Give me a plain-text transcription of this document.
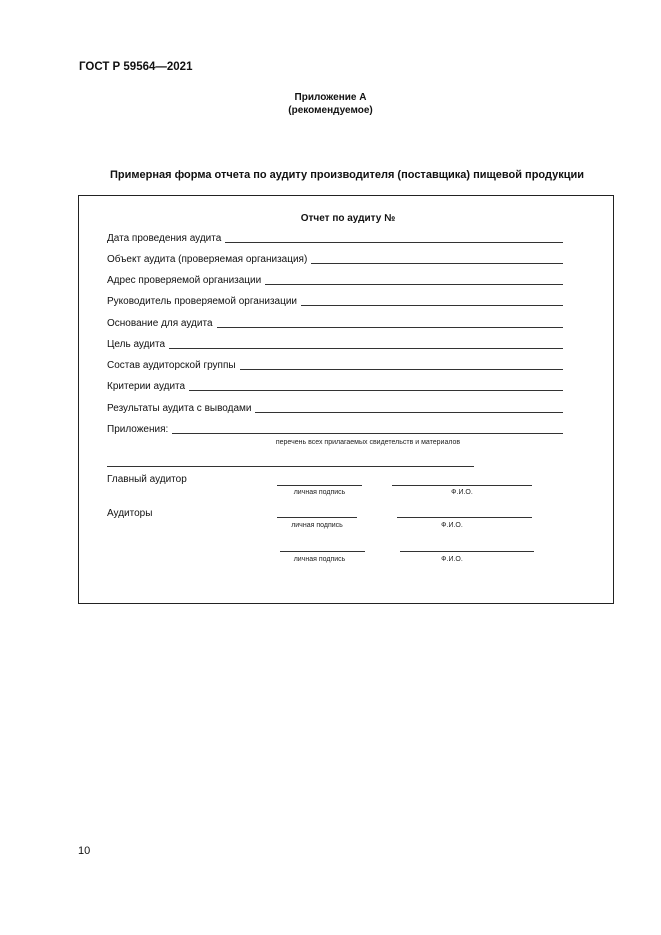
ГОСТ Р 59564—2021
Приложение А
(рекомендуемое)
Примерная форма отчета по аудиту производителя (поставщика) пищевой продукции
Отчет по аудиту №
Дата проведения аудита
Объект аудита (проверяемая организация)
Адрес проверяемой организации
Руководитель проверяемой организации
Основание для аудита
Цель аудита
Состав аудиторской группы
Критерии аудита
Результаты аудита с выводами
Приложения:
перечень всех прилагаемых свидетельств и материалов
Главный аудитор
личная подпись	Ф.И.О.
Аудиторы
личная подпись	Ф.И.О.
личная подпись	Ф.И.О.
10
